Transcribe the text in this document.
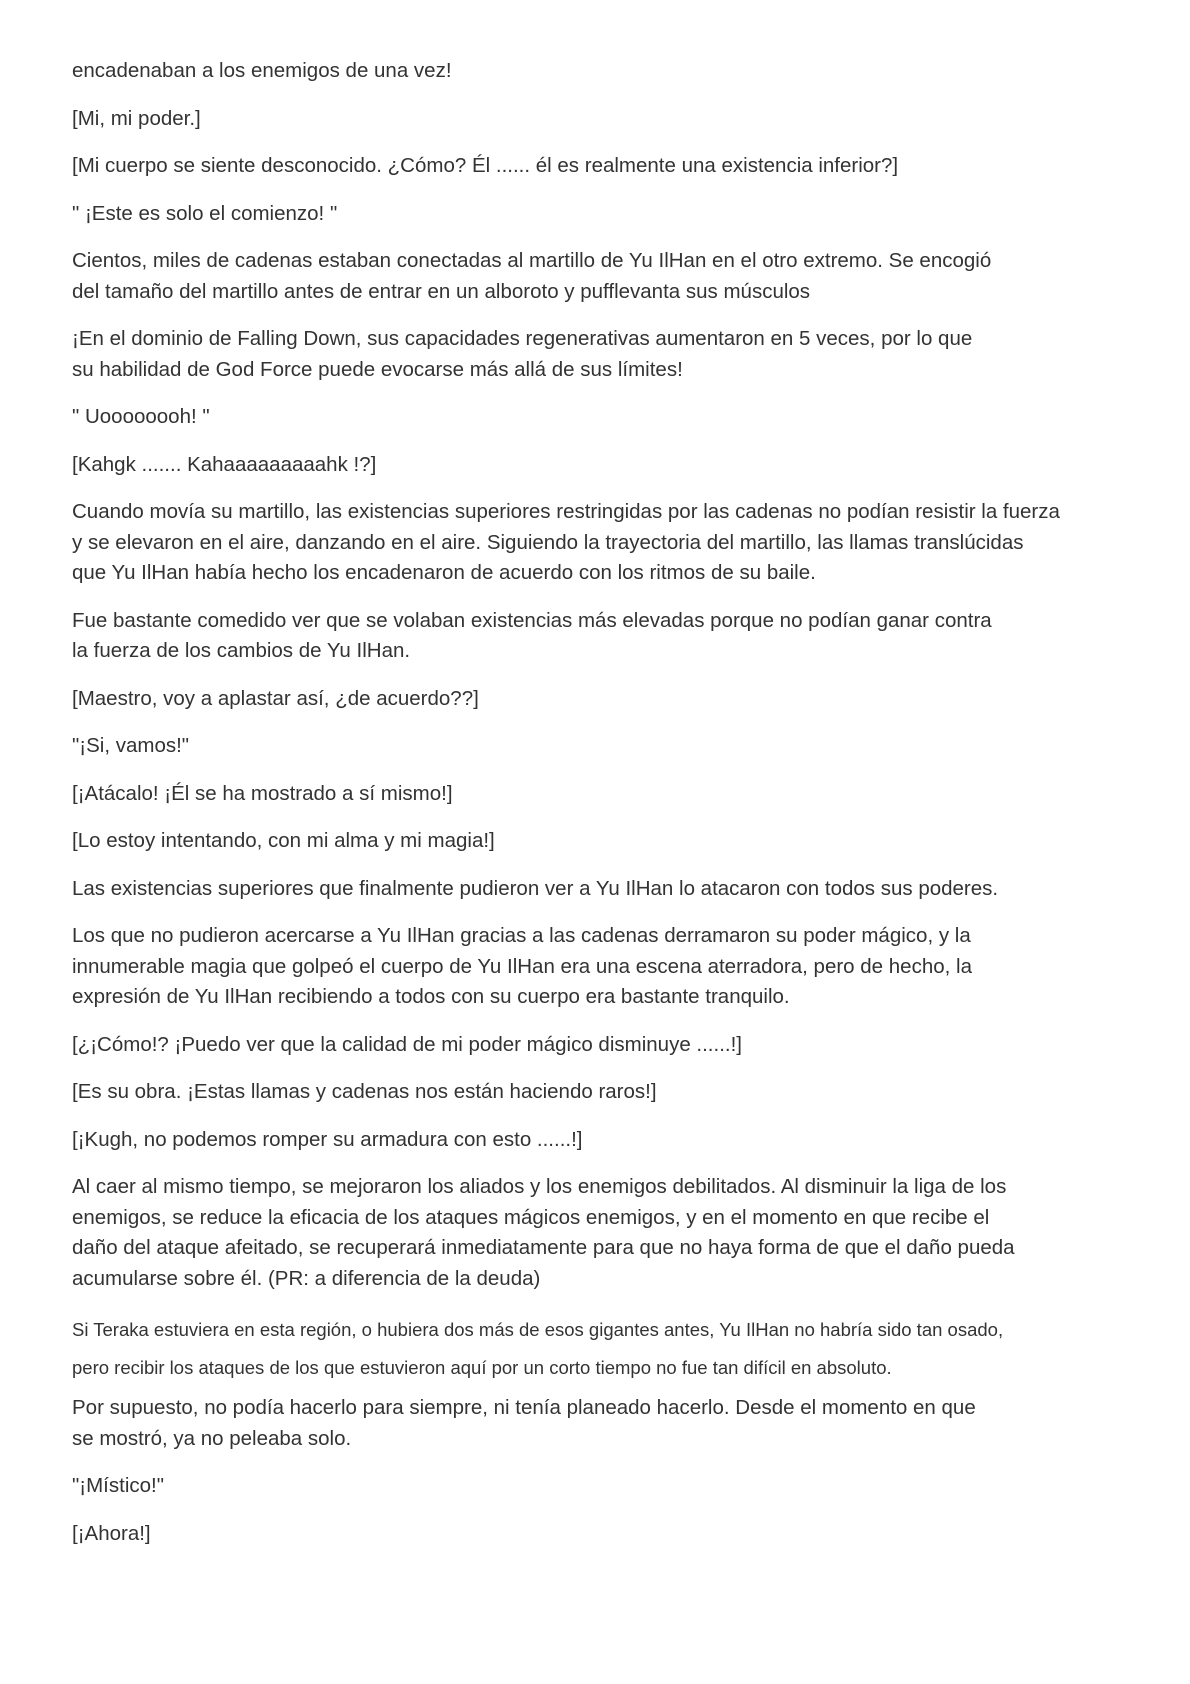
encadenaban a los enemigos de una vez!
[Mi, mi poder.]
[Mi cuerpo se siente desconocido. ¿Cómo? Él ...... él es realmente una existencia inferior?]
" ¡Este es solo el comienzo! "
Cientos, miles de cadenas estaban conectadas al martillo de Yu IlHan en el otro extremo. Se encogió
del tamaño del martillo antes de entrar en un alboroto y pufflevanta sus músculos
¡En el dominio de Falling Down, sus capacidades regenerativas aumentaron en 5 veces, por lo que
su habilidad de God Force puede evocarse más allá de sus límites!
" Uoooooooh! "
[Kahgk ....... Kahaaaaaaaaahk !?]
Cuando movía su martillo, las existencias superiores restringidas por las cadenas no podían resistir la fuerza
y se elevaron en el aire, danzando en el aire. Siguiendo la trayectoria del martillo, las llamas translúcidas
que Yu IlHan había hecho los encadenaron de acuerdo con los ritmos de su baile.
Fue bastante comedido ver que se volaban existencias más elevadas porque no podían ganar contra
la fuerza de los cambios de Yu IlHan.
[Maestro, voy a aplastar así, ¿de acuerdo??]
"¡Si, vamos!"
[¡Atácalo! ¡Él se ha mostrado a sí mismo!]
[Lo estoy intentando, con mi alma y mi magia!]
Las existencias superiores que finalmente pudieron ver a Yu IlHan lo atacaron con todos sus poderes.
Los que no pudieron acercarse a Yu IlHan gracias a las cadenas derramaron su poder mágico, y la
innumerable magia que golpeó el cuerpo de Yu IlHan era una escena aterradora, pero de hecho, la
expresión de Yu IlHan recibiendo a todos con su cuerpo era bastante tranquilo.
[¿¡Cómo!? ¡Puedo ver que la calidad de mi poder mágico disminuye ......!]
[Es su obra. ¡Estas llamas y cadenas nos están haciendo raros!]
[¡Kugh, no podemos romper su armadura con esto ......!]
Al caer al mismo tiempo, se mejoraron los aliados y los enemigos debilitados. Al disminuir la liga de los
enemigos, se reduce la eficacia de los ataques mágicos enemigos, y en el momento en que recibe el
daño del ataque afeitado, se recuperará inmediatamente para que no haya forma de que el daño pueda
acumularse sobre él. (PR: a diferencia de la deuda)
Si Teraka estuviera en esta región, o hubiera dos más de esos gigantes antes, Yu IlHan no habría sido tan osado,
pero recibir los ataques de los que estuvieron aquí por un corto tiempo no fue tan difícil en absoluto.
Por supuesto, no podía hacerlo para siempre, ni tenía planeado hacerlo. Desde el momento en que
se mostró, ya no peleaba solo.
"¡Místico!"
[¡Ahora!]
